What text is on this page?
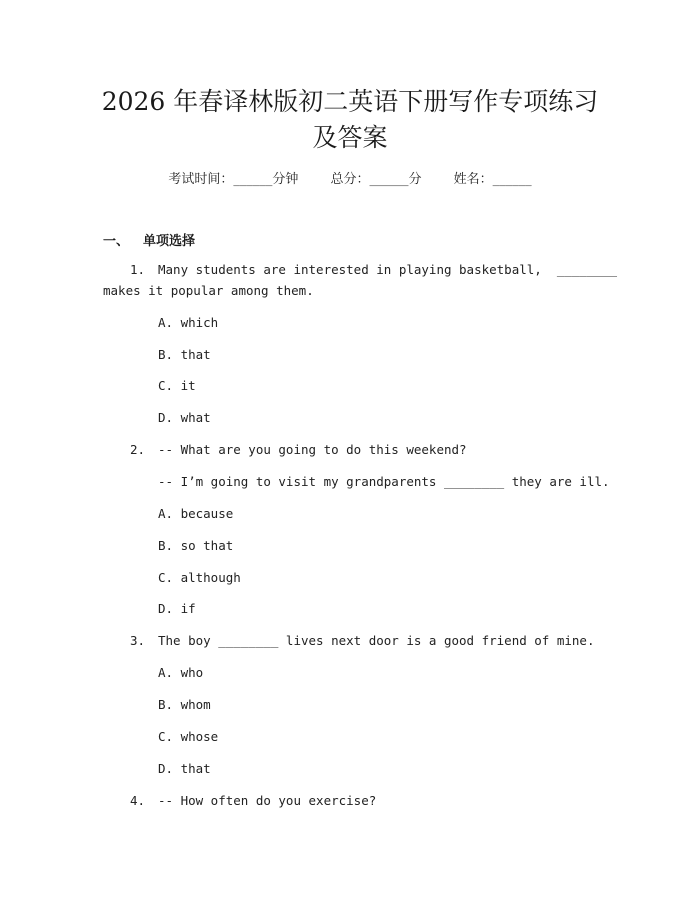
2026 年春译林版初二英语下册写作专项练习
及答案
考试时间：______分钟 总分：______分 姓名：______
一、 单项选择
1. Many students are interested in playing basketball,  ________
makes it popular among them.
A. which
B. that
C. it
D. what
2. -- What are you going to do this weekend?
-- I’m going to visit my grandparents ________ they are ill.
A. because
B. so that
C. although
D. if
3. The boy ________ lives next door is a good friend of mine.
A. who
B. whom
C. whose
D. that
4. -- How often do you exercise?
